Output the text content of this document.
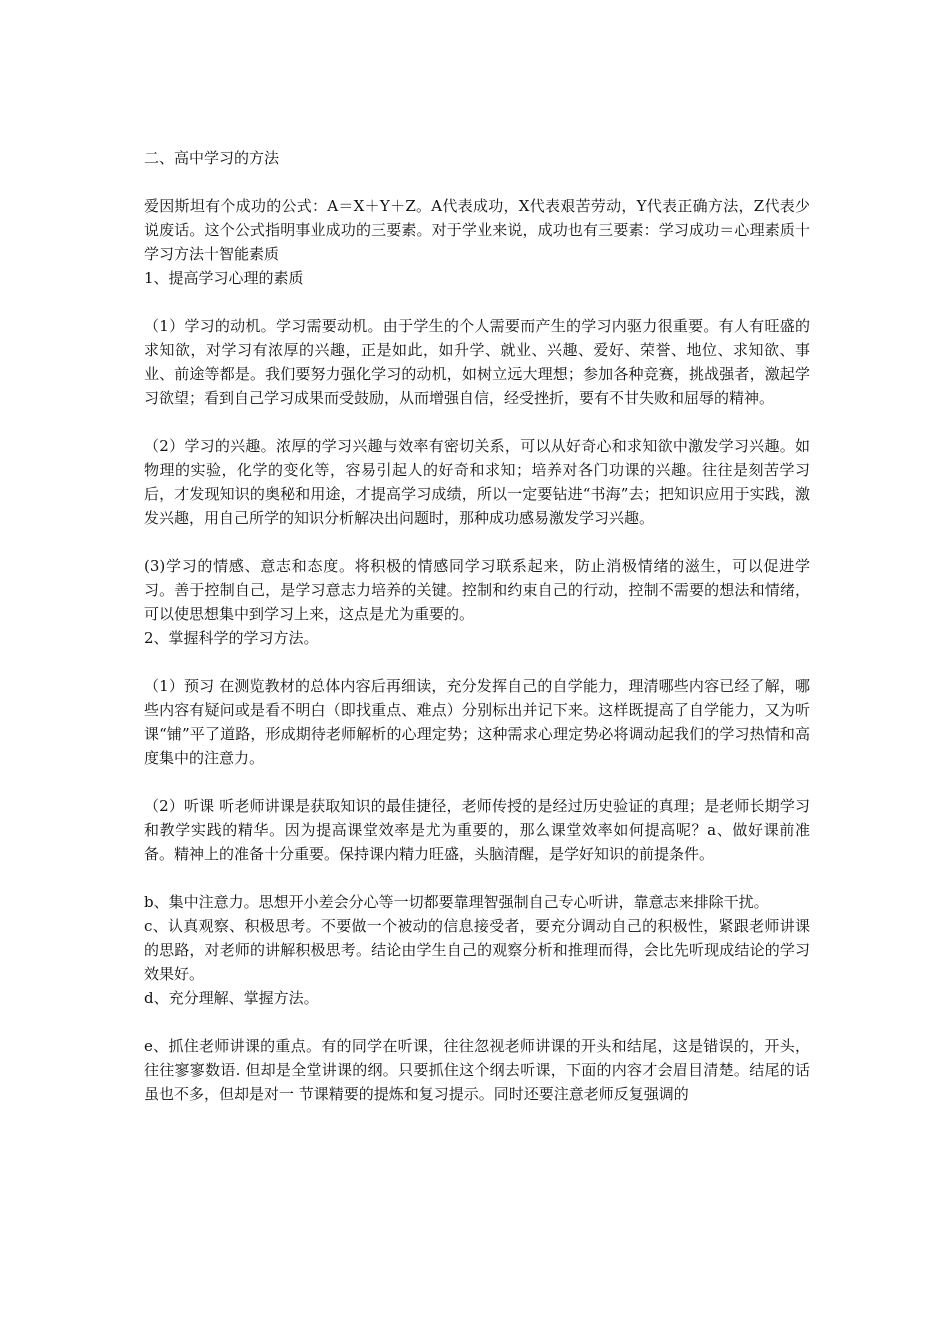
二、高中学习的方法

爱因斯坦有个成功的公式：A＝X＋Y＋Z。A代表成功，X代表艰苦劳动，Y代表正确方法，Z代表少说废话。这个公式指明事业成功的三要素。对于学业来说，成功也有三要素：学习成功＝心理素质十学习方法十智能素质

1、提高学习心理的素质

（1）学习的动机。学习需要动机。由于学生的个人需要而产生的学习内驱力很重要。有人有旺盛的求知欲，对学习有浓厚的兴趣，正是如此，如升学、就业、兴趣、爱好、荣誉、地位、求知欲、事业、前途等都是。我们要努力强化学习的动机，如树立远大理想；参加各种竞赛，挑战强者，激起学习欲望；看到自己学习成果而受鼓励，从而增强自信，经受挫折，要有不甘失败和屈辱的精神。

（2）学习的兴趣。浓厚的学习兴趣与效率有密切关系，可以从好奇心和求知欲中激发学习兴趣。如物理的实验，化学的变化等，容易引起人的好奇和求知；培养对各门功课的兴趣。往往是刻苦学习后，才发现知识的奥秘和用途，才提高学习成绩，所以一定要钻进“书海”去；把知识应用于实践，激发兴趣，用自己所学的知识分析解决出问题时，那种成功感易激发学习兴趣。

(3)学习的情感、意志和态度。将积极的情感同学习联系起来，防止消极情绪的滋生，可以促进学习。善于控制自己，是学习意志力培养的关键。控制和约束自己的行动，控制不需要的想法和情绪，可以使思想集中到学习上来，这点是尤为重要的。

2、掌握科学的学习方法。

（1）预习 在测览教材的总体内容后再细读，充分发挥自己的自学能力，理清哪些内容已经了解，哪些内容有疑问或是看不明白（即找重点、难点）分别标出并记下来。这样既提高了自学能力，又为听课“铺”平了道路，形成期待老师解析的心理定势；这种需求心理定势必将调动起我们的学习热情和高度集中的注意力。

（2）听课 听老师讲课是获取知识的最佳捷径，老师传授的是经过历史验证的真理；是老师长期学习和教学实践的精华。因为提高课堂效率是尤为重要的，那么课堂效率如何提高呢？a、做好课前准备。精神上的准备十分重要。保持课内精力旺盛，头脑清醒，是学好知识的前提条件。

b、集中注意力。思想开小差会分心等一切都要靠理智强制自己专心听讲，靠意志来排除干扰。

c、认真观察、积极思考。不要做一个被动的信息接受者，要充分调动自己的积极性，紧跟老师讲课的思路，对老师的讲解积极思考。结论由学生自己的观察分析和推理而得，会比先听现成结论的学习效果好。

d、充分理解、掌握方法。

e、抓住老师讲课的重点。有的同学在听课，往往忽视老师讲课的开头和结尾，这是错误的，开头，往往寥寥数语. 但却是全堂讲课的纲。只要抓住这个纲去听课，下面的内容才会眉目清楚。结尾的话虽也不多，但却是对一 节课精要的提炼和复习提示。同时还要注意老师反复强调的
